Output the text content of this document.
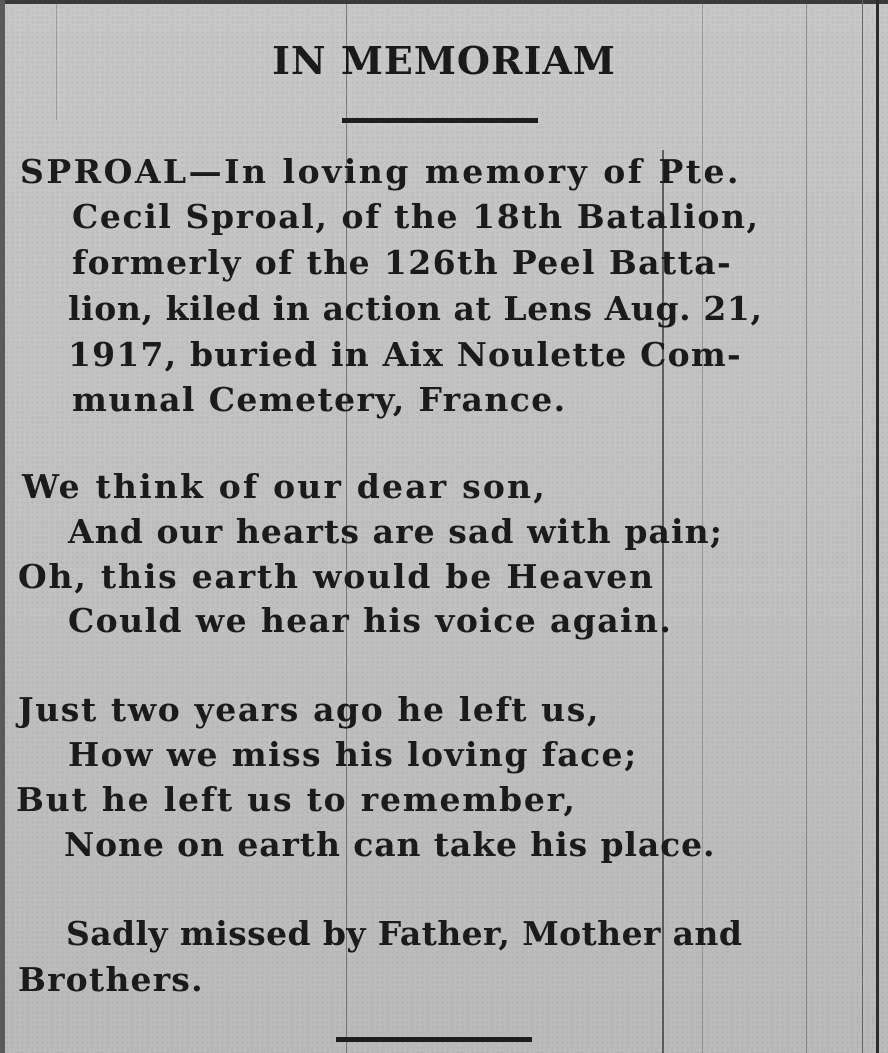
IN MEMORIAM
SPROAL—In loving memory of Pte.
Cecil Sproal, of the 18th Batalion,
formerly of the 126th Peel Batta-
lion, kiled in action at Lens Aug. 21,
1917, buried in Aix Noulette Com-
munal Cemetery, France.
We think of our dear son,
And our hearts are sad with pain;
Oh, this earth would be Heaven
Could we hear his voice again.
Just two years ago he left us,
How we miss his loving face;
But he left us to remember,
None on earth can take his place.
Sadly missed by Father, Mother and
Brothers.
